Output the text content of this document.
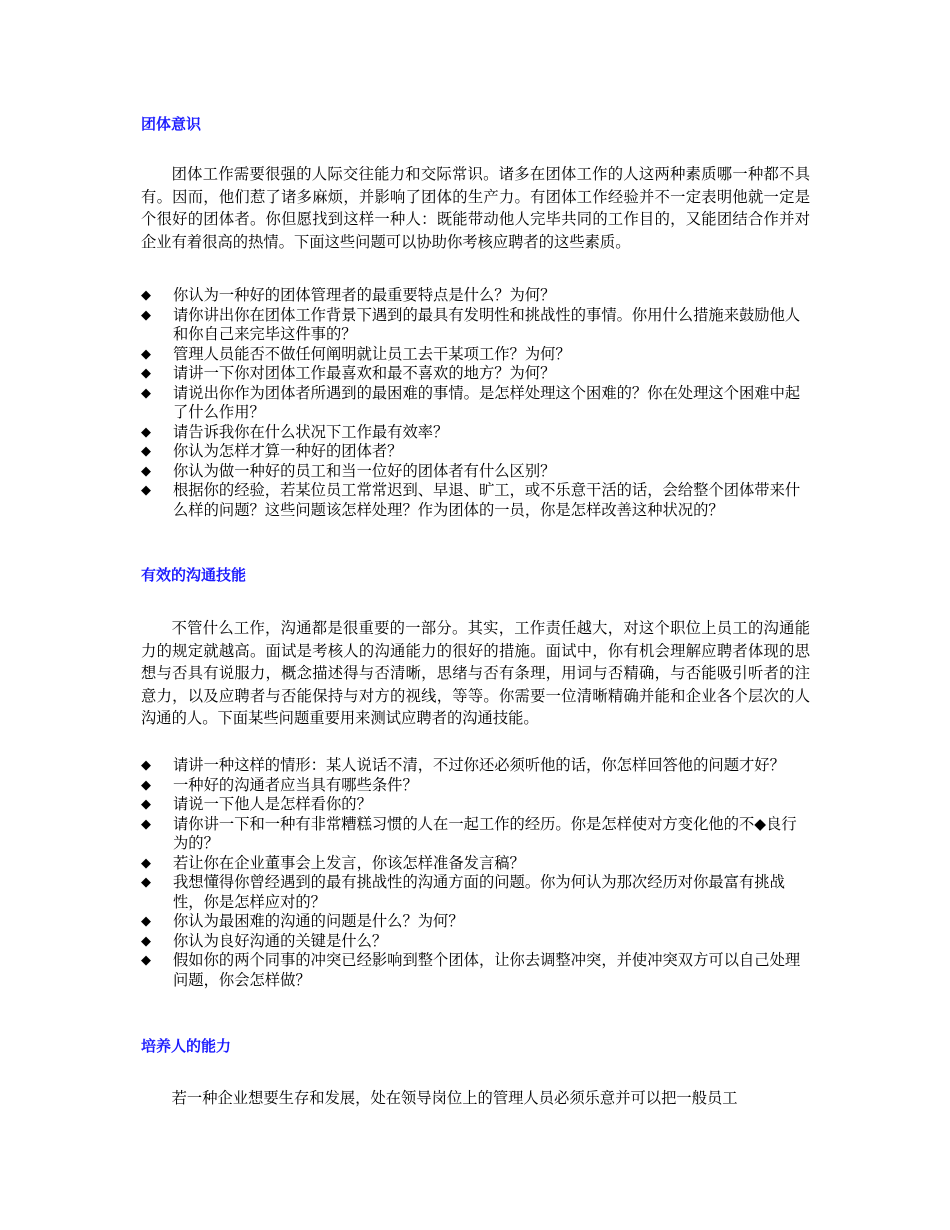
团体意识

团体工作需要很强的人际交往能力和交际常识。诸多在团体工作的人这两种素质哪一种都不具有。因而，他们惹了诸多麻烦，并影响了团体的生产力。有团体工作经验并不一定表明他就一定是个很好的团体者。你但愿找到这样一种人：既能带动他人完毕共同的工作目的，又能团结合作并对企业有着很高的热情。下面这些问题可以协助你考核应聘者的这些素质。

◆ 你认为一种好的团体管理者的最重要特点是什么？为何？
◆ 请你讲出你在团体工作背景下遇到的最具有发明性和挑战性的事情。你用什么措施来鼓励他人和你自己来完毕这件事的？
◆ 管理人员能否不做任何阐明就让员工去干某项工作？为何？
◆ 请讲一下你对团体工作最喜欢和最不喜欢的地方？为何？
◆ 请说出你作为团体者所遇到的最困难的事情。是怎样处理这个困难的？你在处理这个困难中起了什么作用？
◆ 请告诉我你在什么状况下工作最有效率？
◆ 你认为怎样才算一种好的团体者？
◆ 你认为做一种好的员工和当一位好的团体者有什么区别？
◆ 根据你的经验，若某位员工常常迟到、早退、旷工，或不乐意干活的话，会给整个团体带来什么样的问题？这些问题该怎样处理？作为团体的一员，你是怎样改善这种状况的？
有效的沟通技能

不管什么工作，沟通都是很重要的一部分。其实，工作责任越大，对这个职位上员工的沟通能力的规定就越高。面试是考核人的沟通能力的很好的措施。面试中，你有机会理解应聘者体现的思想与否具有说服力，概念描述得与否清晰，思绪与否有条理，用词与否精确，与否能吸引听者的注意力，以及应聘者与否能保持与对方的视线，等等。你需要一位清晰精确并能和企业各个层次的人沟通的人。下面某些问题重要用来测试应聘者的沟通技能。

◆ 请讲一种这样的情形：某人说话不清，不过你还必须听他的话，你怎样回答他的问题才好？
◆ 一种好的沟通者应当具有哪些条件？
◆ 请说一下他人是怎样看你的？
◆ 请你讲一下和一种有非常糟糕习惯的人在一起工作的经历。你是怎样使对方变化他的不◆良行为的？
◆ 若让你在企业董事会上发言，你该怎样准备发言稿？
◆ 我想懂得你曾经遇到的最有挑战性的沟通方面的问题。你为何认为那次经历对你最富有挑战性，你是怎样应对的？
◆ 你认为最困难的沟通的问题是什么？为何？
◆ 你认为良好沟通的关键是什么？
◆ 假如你的两个同事的冲突已经影响到整个团体，让你去调整冲突，并使冲突双方可以自己处理问题，你会怎样做？
培养人的能力

若一种企业想要生存和发展，处在领导岗位上的管理人员必须乐意并可以把一般员工
